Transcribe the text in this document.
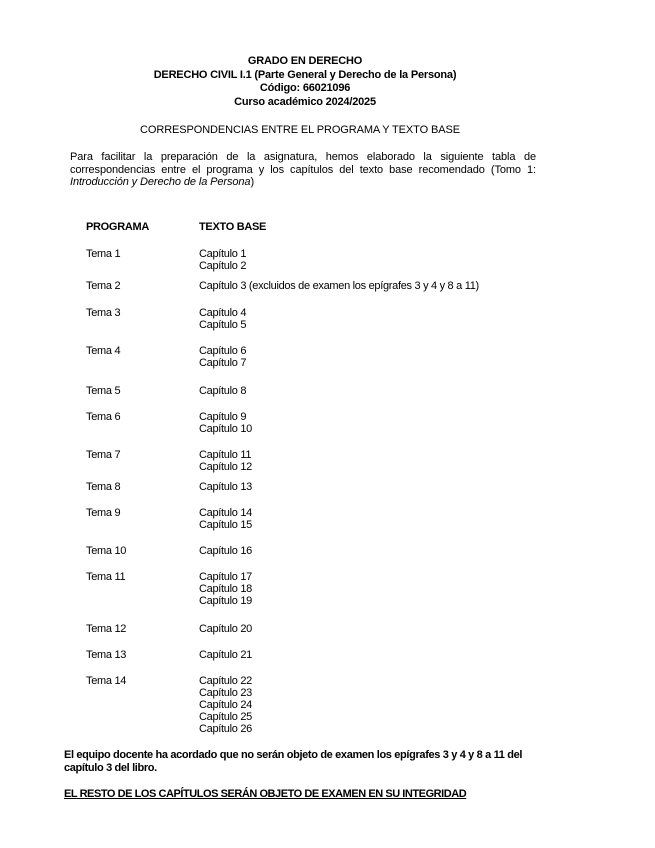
GRADO EN DERECHO
DERECHO CIVIL I.1 (Parte General y Derecho de la Persona)
Código: 66021096
Curso académico 2024/2025
CORRESPONDENCIAS ENTRE EL PROGRAMA Y TEXTO BASE
Para facilitar la preparación de la asignatura, hemos elaborado la siguiente tabla de correspondencias entre el programa y los capítulos del texto base recomendado (Tomo 1: Introducción y Derecho de la Persona)
PROGRAMA	TEXTO BASE
Tema 1	Capítulo 1
Capítulo 2
Tema 2	Capítulo 3 (excluidos de examen los epígrafes 3 y 4 y 8 a 11)
Tema 3	Capítulo 4
Capítulo 5
Tema 4	Capítulo 6
Capítulo 7
Tema 5	Capítulo 8
Tema 6	Capítulo 9
Capítulo 10
Tema 7	Capítulo 11
Capítulo 12
Tema 8	Capítulo 13
Tema 9	Capítulo 14
Capítulo 15
Tema 10	Capítulo 16
Tema 11	Capítulo 17
Capítulo 18
Capítulo 19
Tema 12	Capítulo 20
Tema 13	Capítulo 21
Tema 14	Capítulo 22
Capítulo 23
Capítulo 24
Capítulo 25
Capítulo 26
El equipo docente ha acordado que no serán objeto de examen los epígrafes 3 y 4 y 8 a 11 del capítulo 3 del libro.
EL RESTO DE LOS CAPÍTULOS SERÁN OBJETO DE EXAMEN EN SU INTEGRIDAD
